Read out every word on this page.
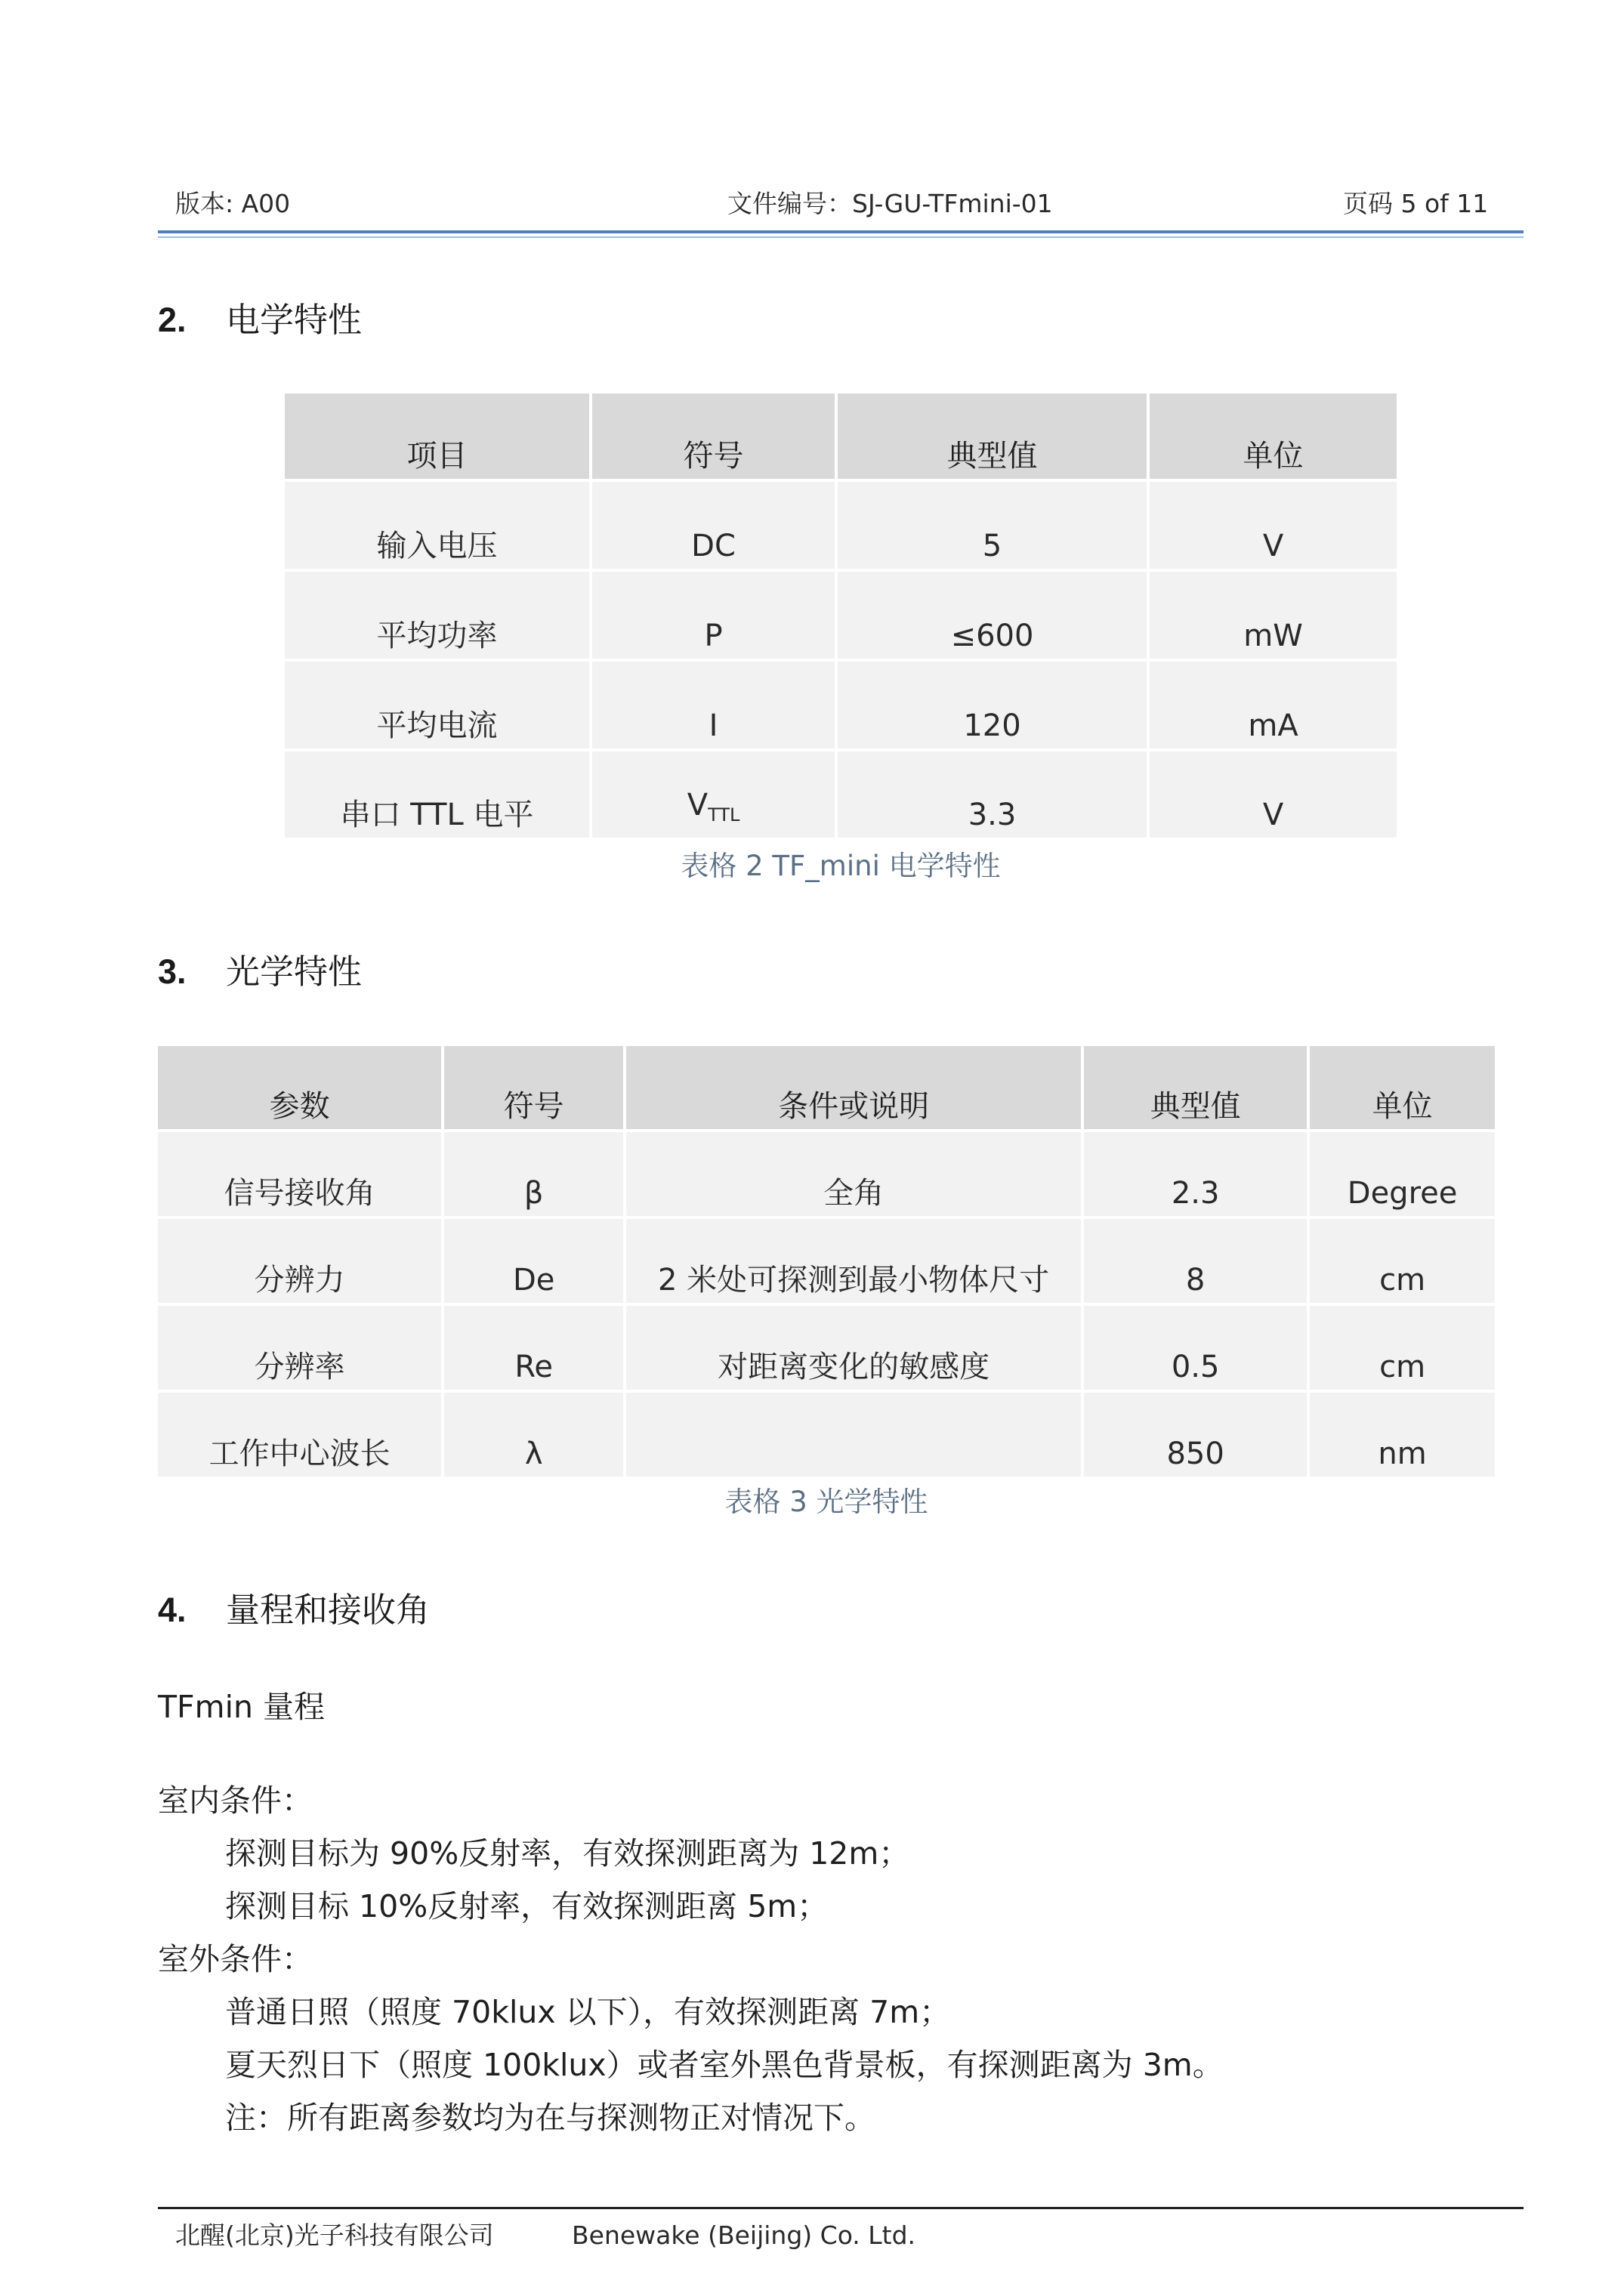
版本: A00	文件编号：SJ-GU-TFmini-01	页码 5 of 11
2. 电学特性
项目	符号	典型值	单位
输入电压	DC	5	V
平均功率	P	≤600	mW
平均电流	I	120	mA
串口 TTL 电平	$V_{TTL}$	3.3	V
表格 2 TF_mini 电学特性
3. 光学特性
参数	符号	条件或说明	典型值	单位
信号接收角	β	全角	2.3	Degree
分辨力	De	2 米处可探测到最小物体尺寸	8	cm
分辨率	Re	对距离变化的敏感度	0.5	cm
工作中心波长	λ		850	nm
表格 3 光学特性
4. 量程和接收角
TFmin 量程
室内条件：
探测目标为 90%反射率，有效探测距离为 12m；
探测目标 10%反射率，有效探测距离 5m；
室外条件：
普通日照（照度 70klux 以下），有效探测距离 7m；
夏天烈日下（照度 100klux）或者室外黑色背景板，有探测距离为 3m。
注：所有距离参数均为在与探测物正对情况下。
北醒(北京)光子科技有限公司	Benewake (Beijing) Co. Ltd.
